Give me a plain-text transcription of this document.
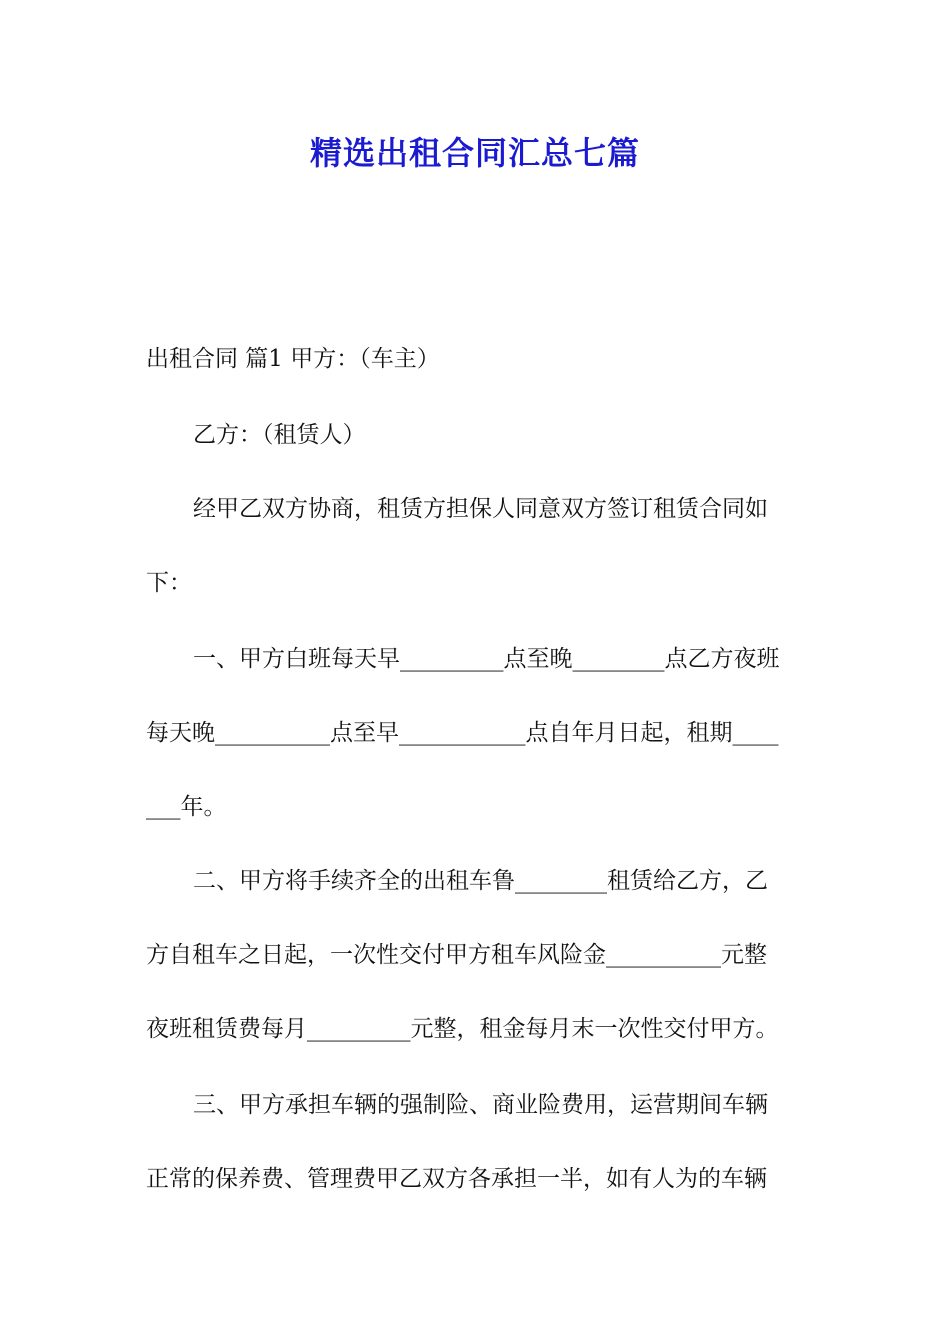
精选出租合同汇总七篇

出租合同 篇1 甲方：（车主）

乙方：（租赁人）

经甲乙双方协商，租赁方担保人同意双方签订租赁合同如

下：

一、甲方白班每天早_________点至晚________点乙方夜班

每天晚__________点至早___________点自年月日起，租期____

___年。

二、甲方将手续齐全的出租车鲁________租赁给乙方，乙

方自租车之日起，一次性交付甲方租车风险金__________元整

夜班租赁费每月_________元整，租金每月末一次性交付甲方。

三、甲方承担车辆的强制险、商业险费用，运营期间车辆

正常的保养费、管理费甲乙双方各承担一半，如有人为的车辆
